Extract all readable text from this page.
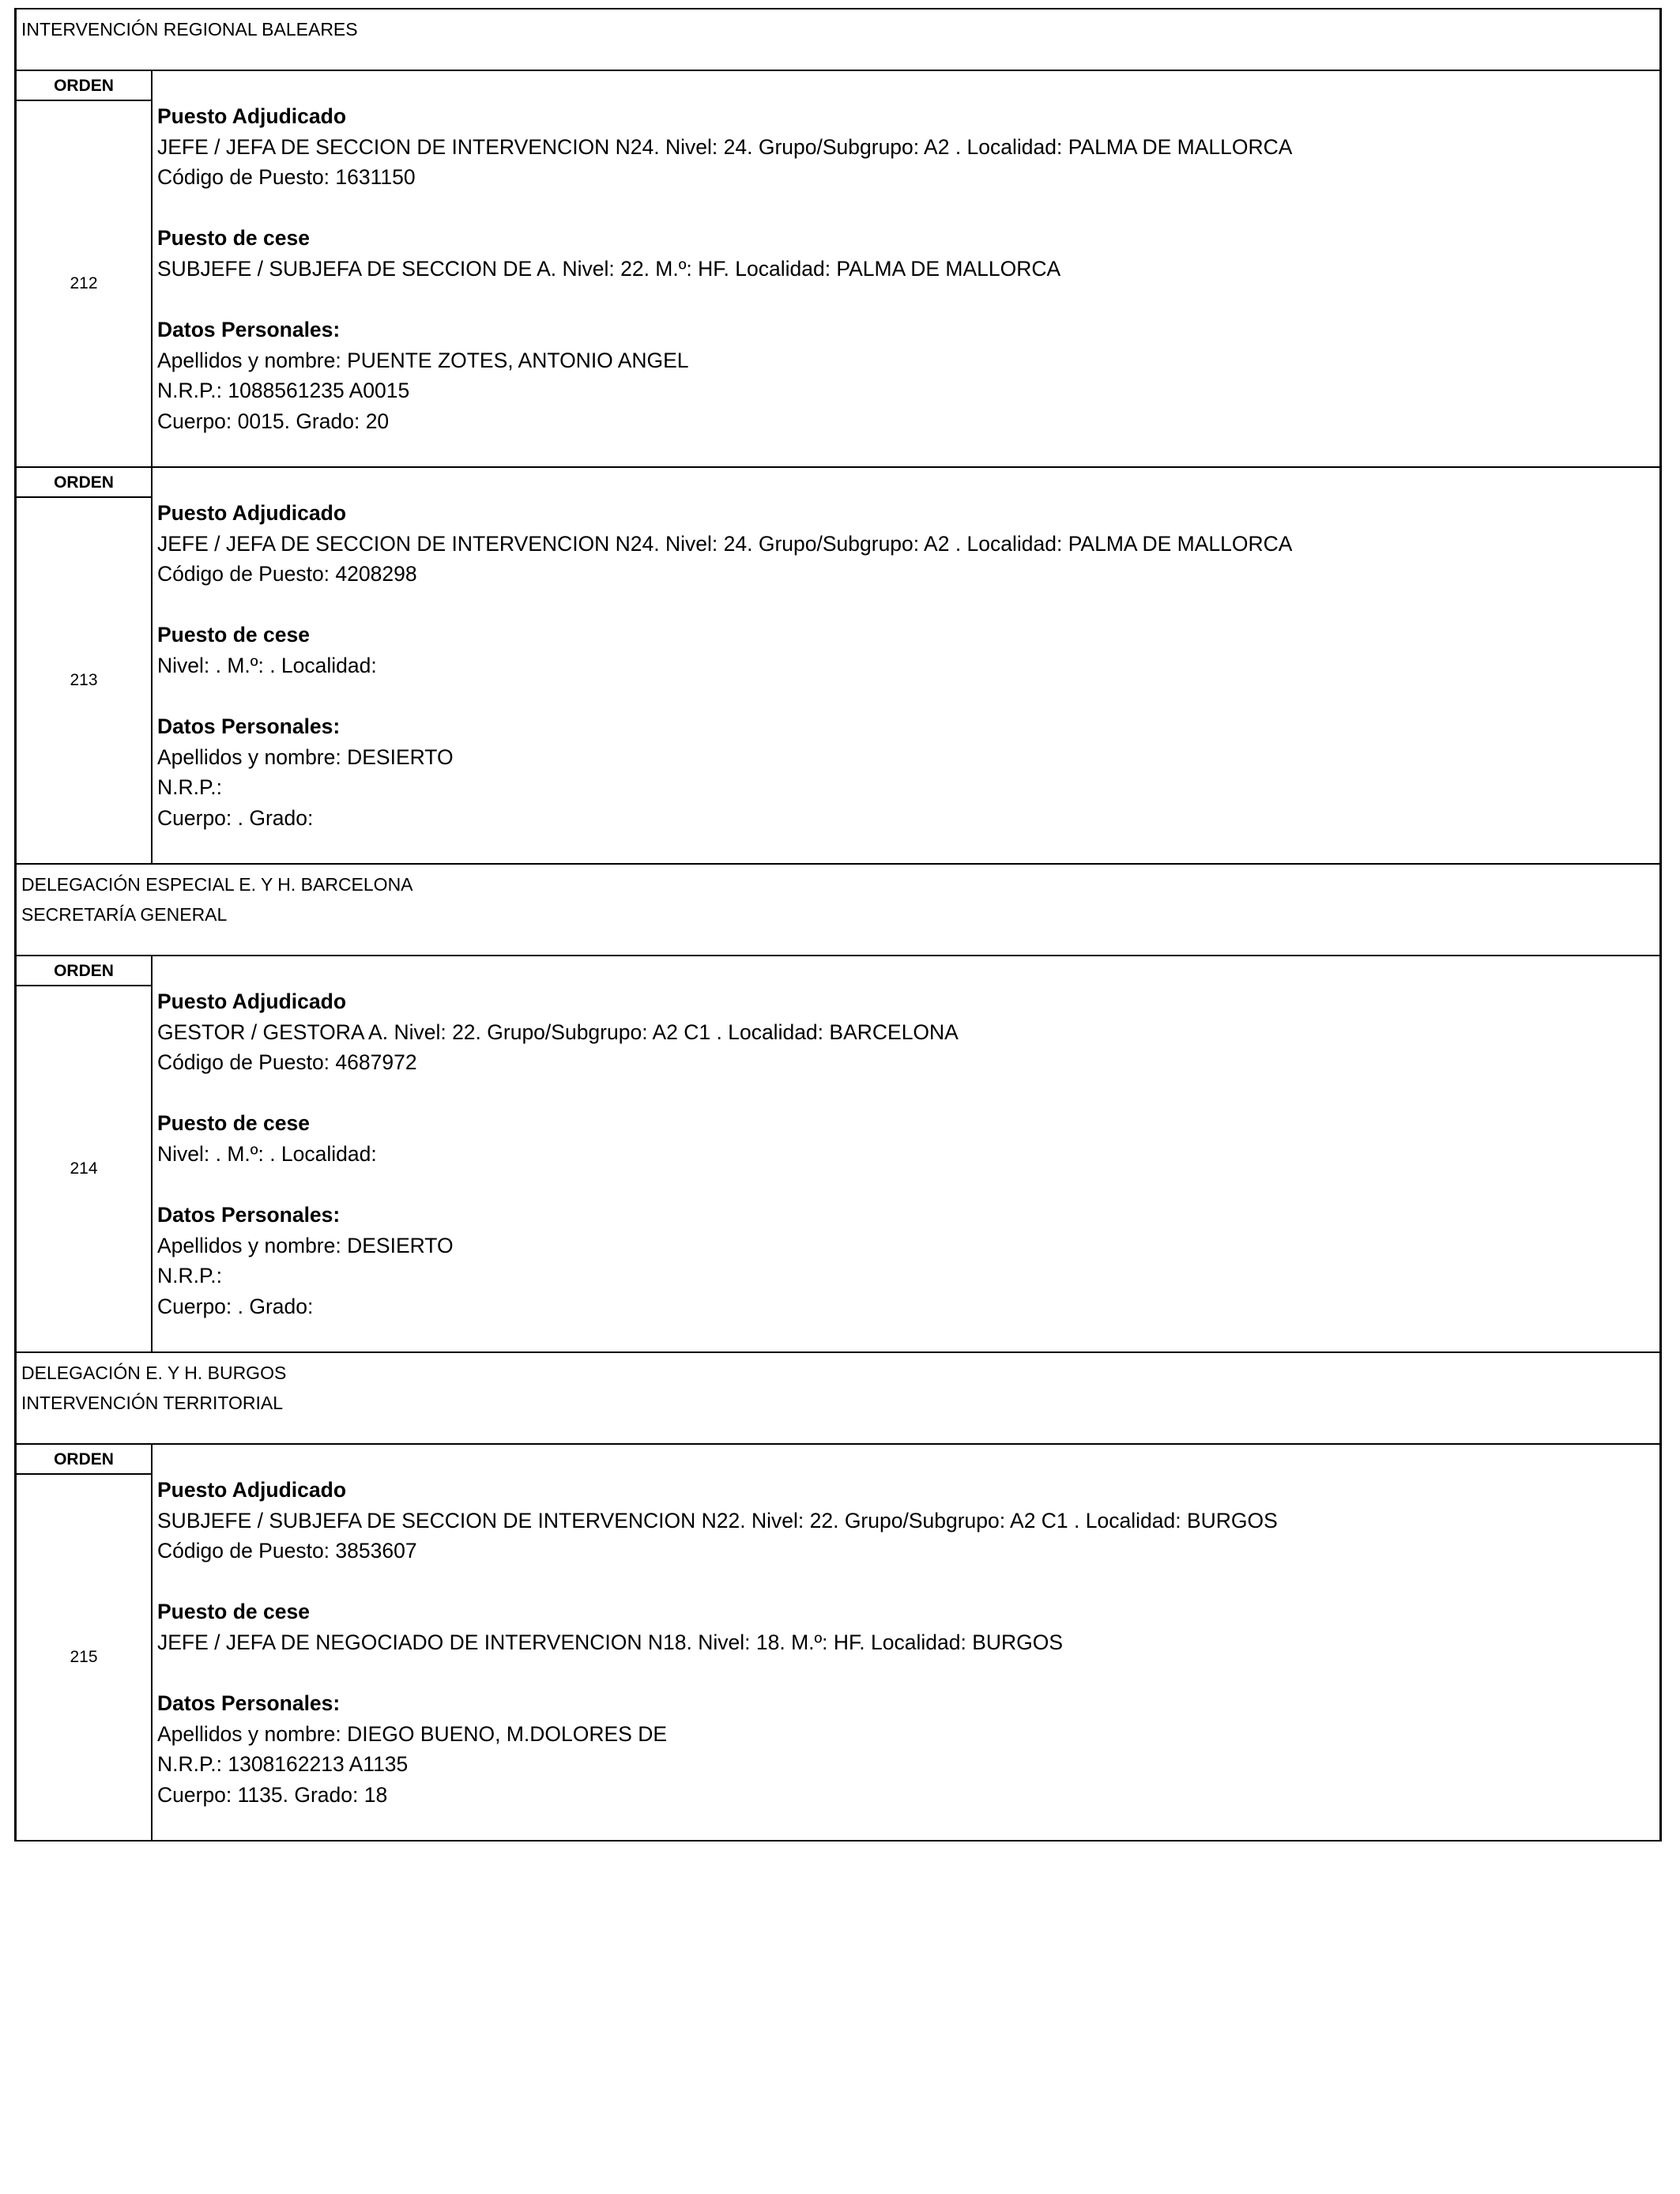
INTERVENCIÓN REGIONAL BALEARES
ORDEN
212
Puesto Adjudicado
JEFE / JEFA DE SECCION DE INTERVENCION N24. Nivel: 24. Grupo/Subgrupo: A2 . Localidad: PALMA DE MALLORCA
Código de Puesto: 1631150
Puesto de cese
SUBJEFE / SUBJEFA DE SECCION DE A. Nivel: 22. M.º: HF. Localidad: PALMA DE MALLORCA
Datos Personales:
Apellidos y nombre: PUENTE ZOTES, ANTONIO ANGEL
N.R.P.: 1088561235 A0015
Cuerpo: 0015. Grado: 20
ORDEN
213
Puesto Adjudicado
JEFE / JEFA DE SECCION DE INTERVENCION N24. Nivel: 24. Grupo/Subgrupo: A2 . Localidad: PALMA DE MALLORCA
Código de Puesto: 4208298
Puesto de cese
Nivel: . M.º: . Localidad:
Datos Personales:
Apellidos y nombre: DESIERTO
N.R.P.:
Cuerpo: . Grado:
DELEGACIÓN ESPECIAL E. Y H. BARCELONA
SECRETARÍA GENERAL
ORDEN
214
Puesto Adjudicado
GESTOR / GESTORA A. Nivel: 22. Grupo/Subgrupo: A2 C1 . Localidad: BARCELONA
Código de Puesto: 4687972
Puesto de cese
Nivel: . M.º: . Localidad:
Datos Personales:
Apellidos y nombre: DESIERTO
N.R.P.:
Cuerpo: . Grado:
DELEGACIÓN E. Y H. BURGOS
INTERVENCIÓN TERRITORIAL
ORDEN
215
Puesto Adjudicado
SUBJEFE / SUBJEFA DE SECCION DE INTERVENCION N22. Nivel: 22. Grupo/Subgrupo: A2 C1 . Localidad: BURGOS
Código de Puesto: 3853607
Puesto de cese
JEFE / JEFA DE NEGOCIADO DE INTERVENCION N18. Nivel: 18. M.º: HF. Localidad: BURGOS
Datos Personales:
Apellidos y nombre: DIEGO BUENO, M.DOLORES DE
N.R.P.: 1308162213 A1135
Cuerpo: 1135. Grado: 18
